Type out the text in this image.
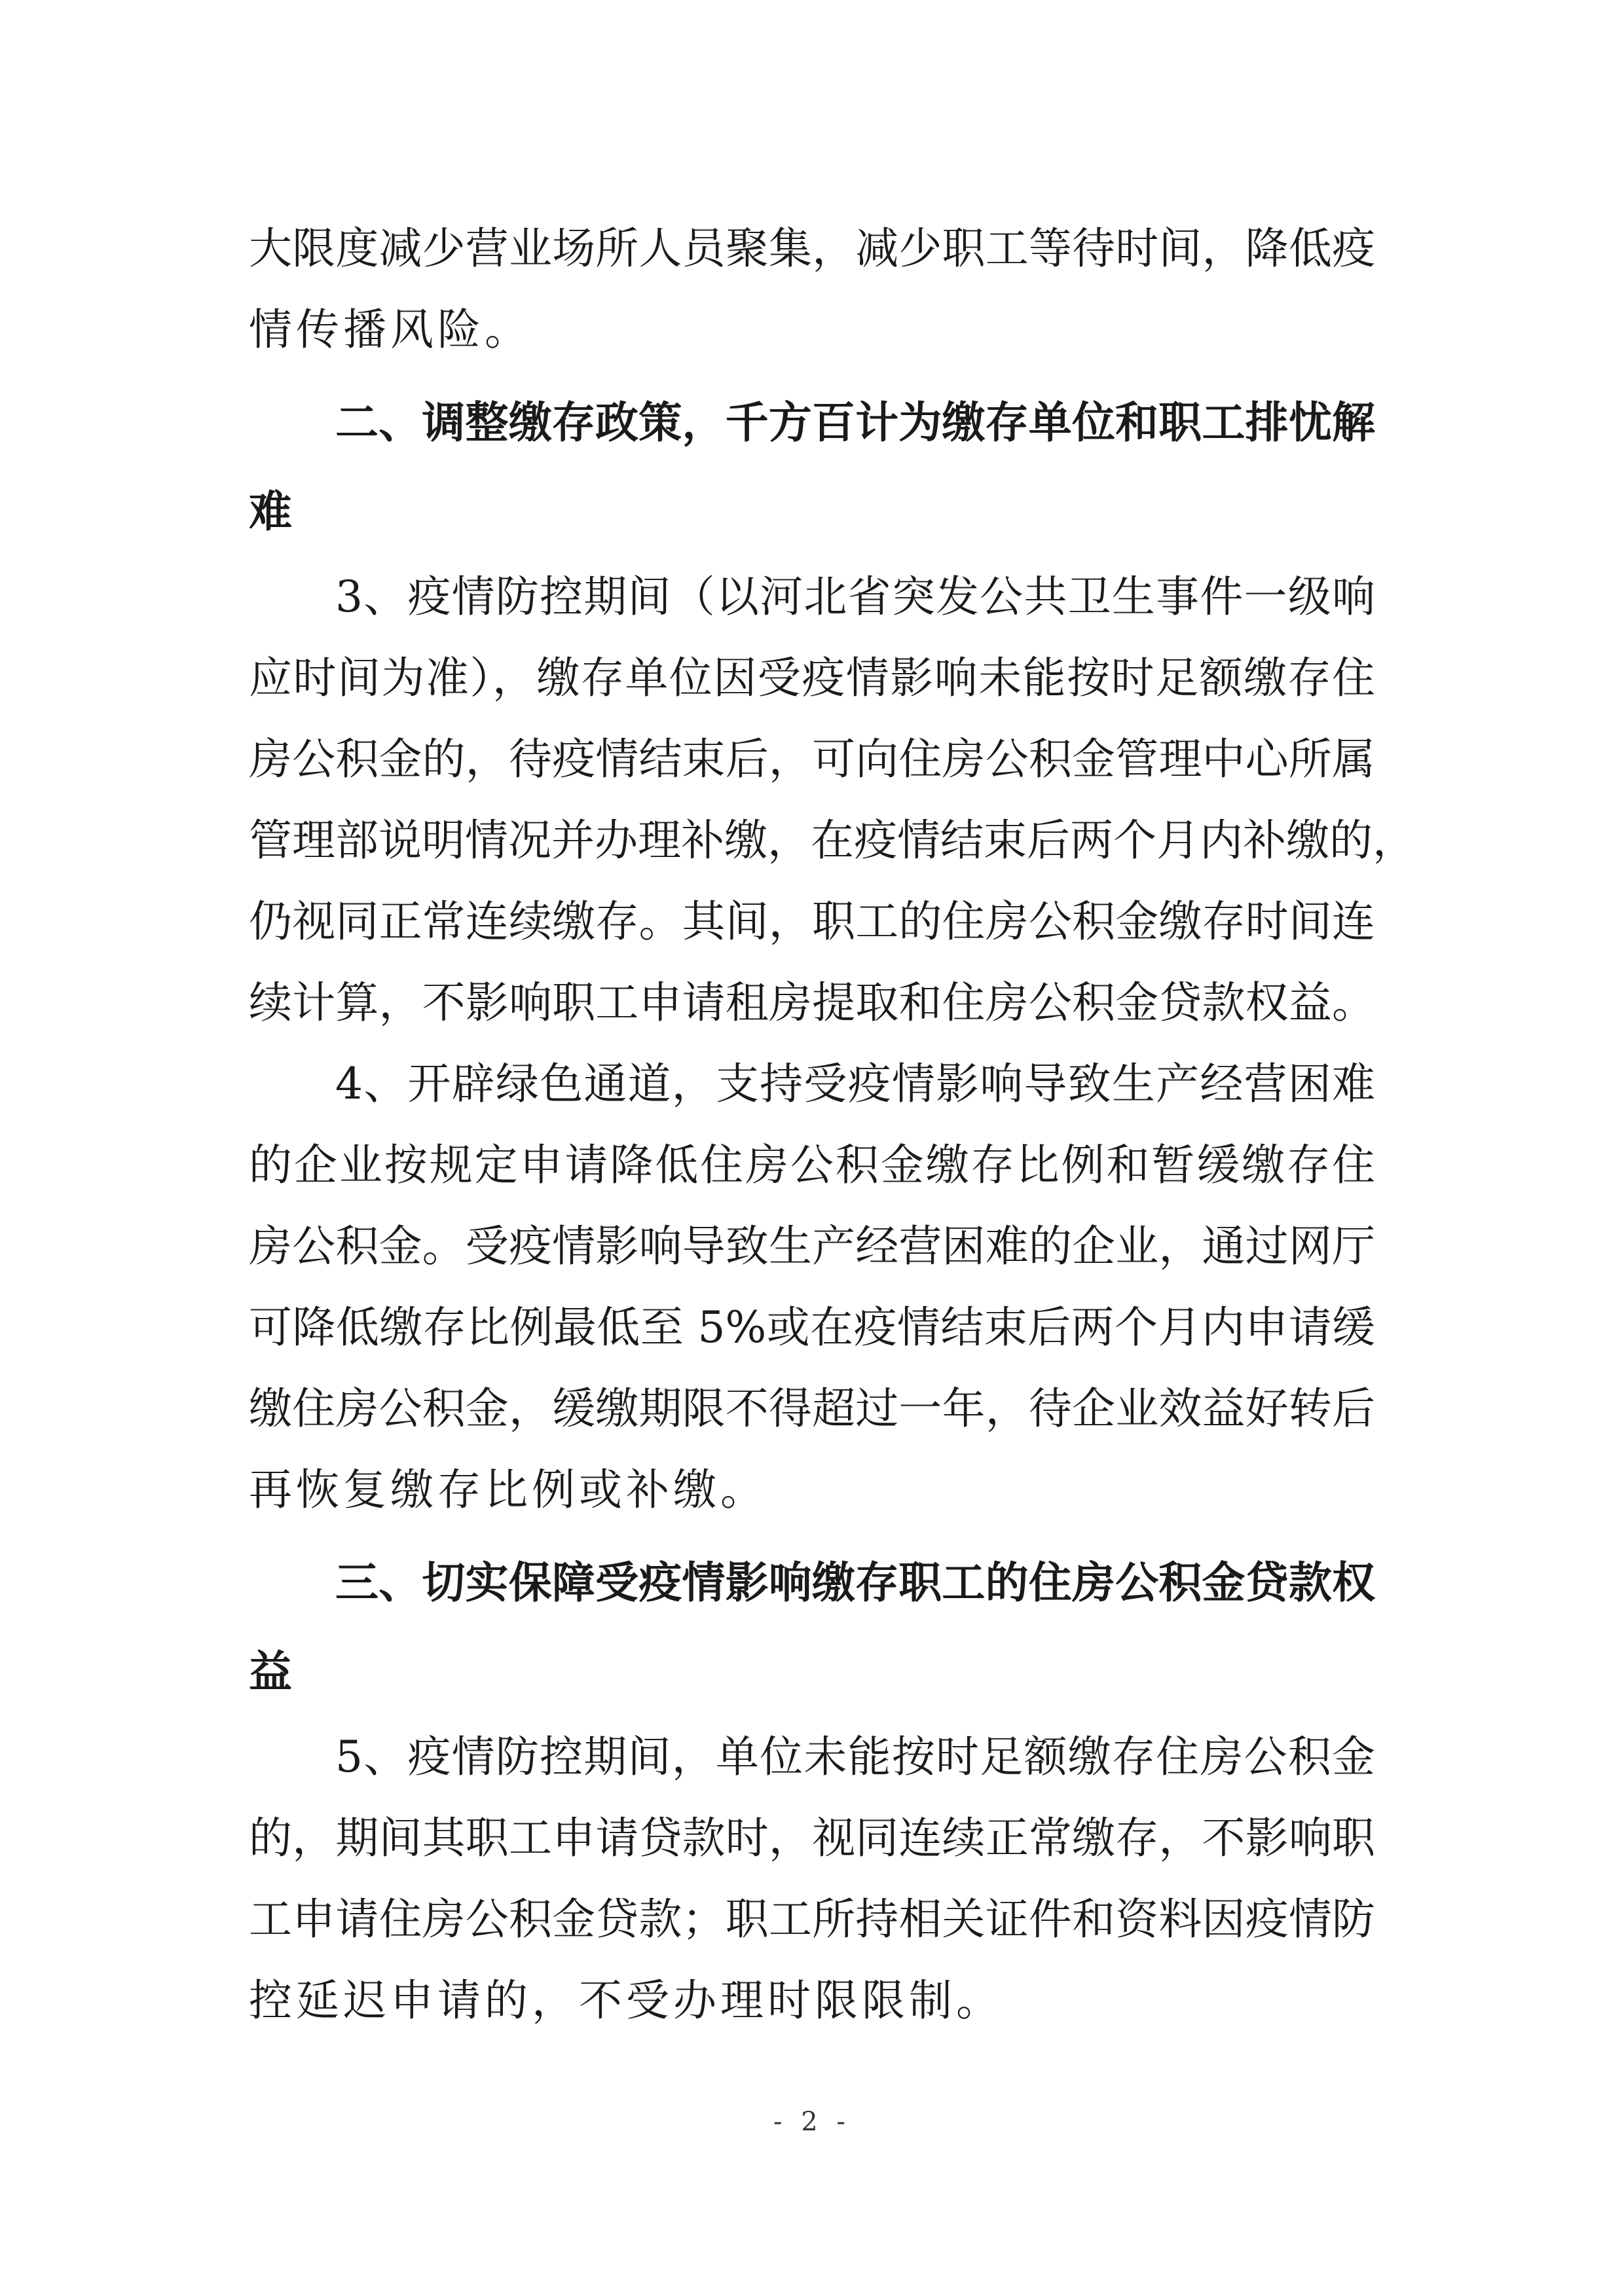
大限度减少营业场所人员聚集，减少职工等待时间，降低疫
情传播风险。
二、调整缴存政策，千方百计为缴存单位和职工排忧解
难
3、疫情防控期间（以河北省突发公共卫生事件一级响
应时间为准），缴存单位因受疫情影响未能按时足额缴存住
房公积金的，待疫情结束后，可向住房公积金管理中心所属
管理部说明情况并办理补缴，在疫情结束后两个月内补缴的，
仍视同正常连续缴存。其间，职工的住房公积金缴存时间连
续计算，不影响职工申请租房提取和住房公积金贷款权益。
4、开辟绿色通道，支持受疫情影响导致生产经营困难
的企业按规定申请降低住房公积金缴存比例和暂缓缴存住
房公积金。受疫情影响导致生产经营困难的企业，通过网厅
可降低缴存比例最低至 5%或在疫情结束后两个月内申请缓
缴住房公积金，缓缴期限不得超过一年，待企业效益好转后
再恢复缴存比例或补缴。
三、切实保障受疫情影响缴存职工的住房公积金贷款权
益
5、疫情防控期间，单位未能按时足额缴存住房公积金
的，期间其职工申请贷款时，视同连续正常缴存，不影响职
工申请住房公积金贷款；职工所持相关证件和资料因疫情防
控延迟申请的，不受办理时限限制。
- 2 -
